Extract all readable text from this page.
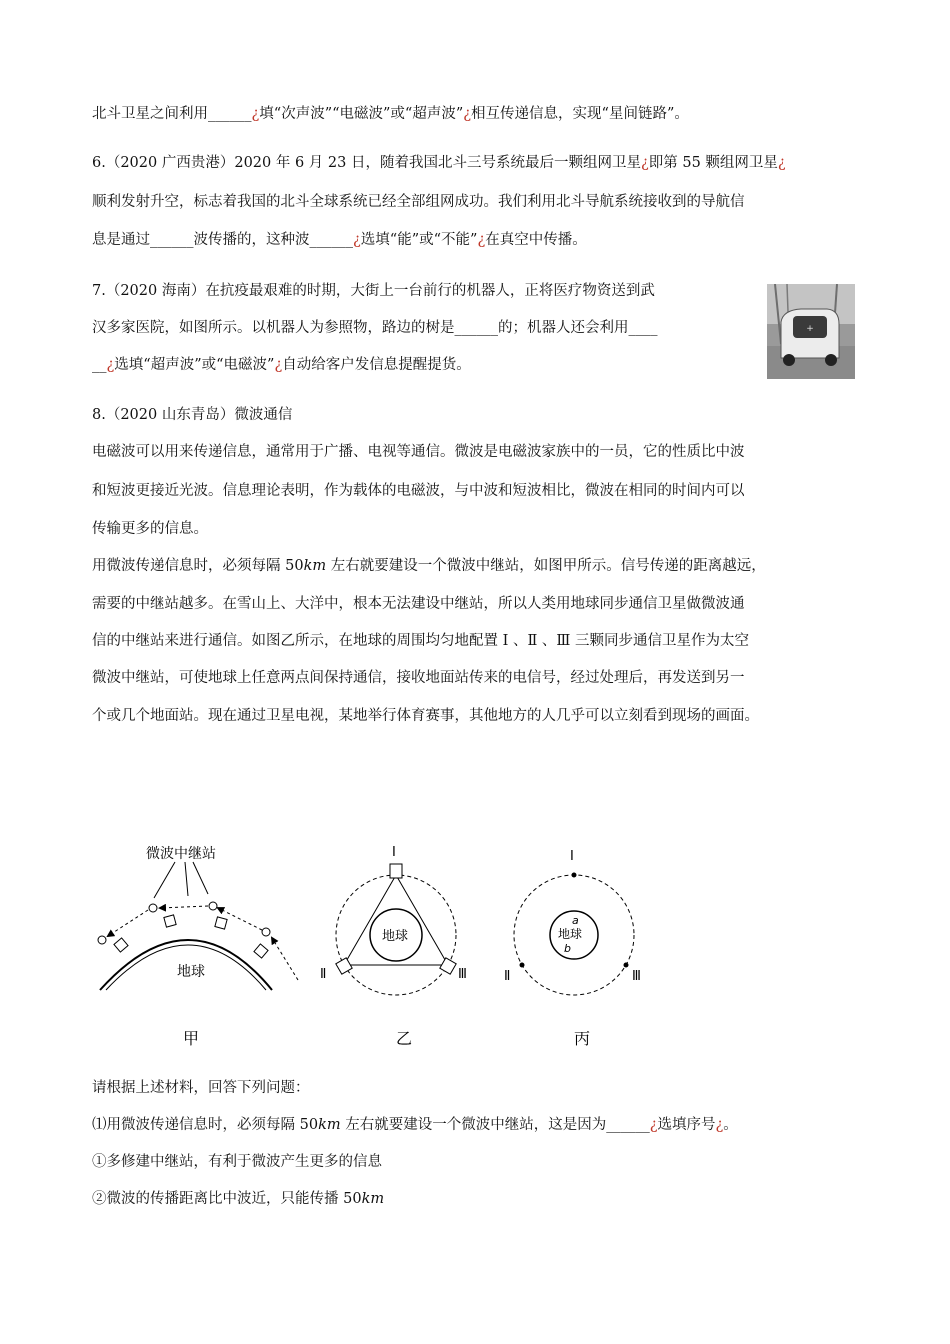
北斗卫星之间利用______¿填“次声波”“电磁波”或“超声波”¿相互传递信息，实现“星间链路”。
6.（2020 广西贵港）2020 年 6 月 23 日，随着我国北斗三号系统最后一颗组网卫星¿即第 55 颗组网卫星¿
顺利发射升空，标志着我国的北斗全球系统已经全部组网成功。我们利用北斗导航系统接收到的导航信
息是通过______波传播的，这种波______¿选填“能”或“不能”¿在真空中传播。
7.（2020 海南）在抗疫最艰难的时期，大街上一台前行的机器人，正将医疗物资送到武
汉多家医院，如图所示。以机器人为参照物，路边的树是______的；机器人还会利用____
__¿选填“超声波”或“电磁波”¿自动给客户发信息提醒提货。
+
8.（2020 山东青岛）微波通信
电磁波可以用来传递信息，通常用于广播、电视等通信。微波是电磁波家族中的一员，它的性质比中波
和短波更接近光波。信息理论表明，作为载体的电磁波，与中波和短波相比，微波在相同的时间内可以
传输更多的信息。
用微波传递信息时，必须每隔 50km 左右就要建设一个微波中继站，如图甲所示。信号传递的距离越远，
需要的中继站越多。在雪山上、大洋中，根本无法建设中继站，所以人类用地球同步通信卫星做微波通
信的中继站来进行通信。如图乙所示，在地球的周围均匀地配置 Ⅰ 、Ⅱ 、Ⅲ 三颗同步通信卫星作为太空
微波中继站，可使地球上任意两点间保持通信，接收地面站传来的电信号，经过处理后，再发送到另一
个或几个地面站。现在通过卫星电视，某地举行体育赛事，其他地方的人几乎可以立刻看到现场的画面。
地球
微波中继站
甲
地球
Ⅰ
Ⅱ	Ⅲ
乙
地球
a
b
Ⅰ
Ⅱ	Ⅲ
丙
请根据上述材料，回答下列问题：
⑴用微波传递信息时，必须每隔 50km 左右就要建设一个微波中继站，这是因为______¿选填序号¿。
①多修建中继站，有利于微波产生更多的信息
②微波的传播距离比中波近，只能传播 50km
